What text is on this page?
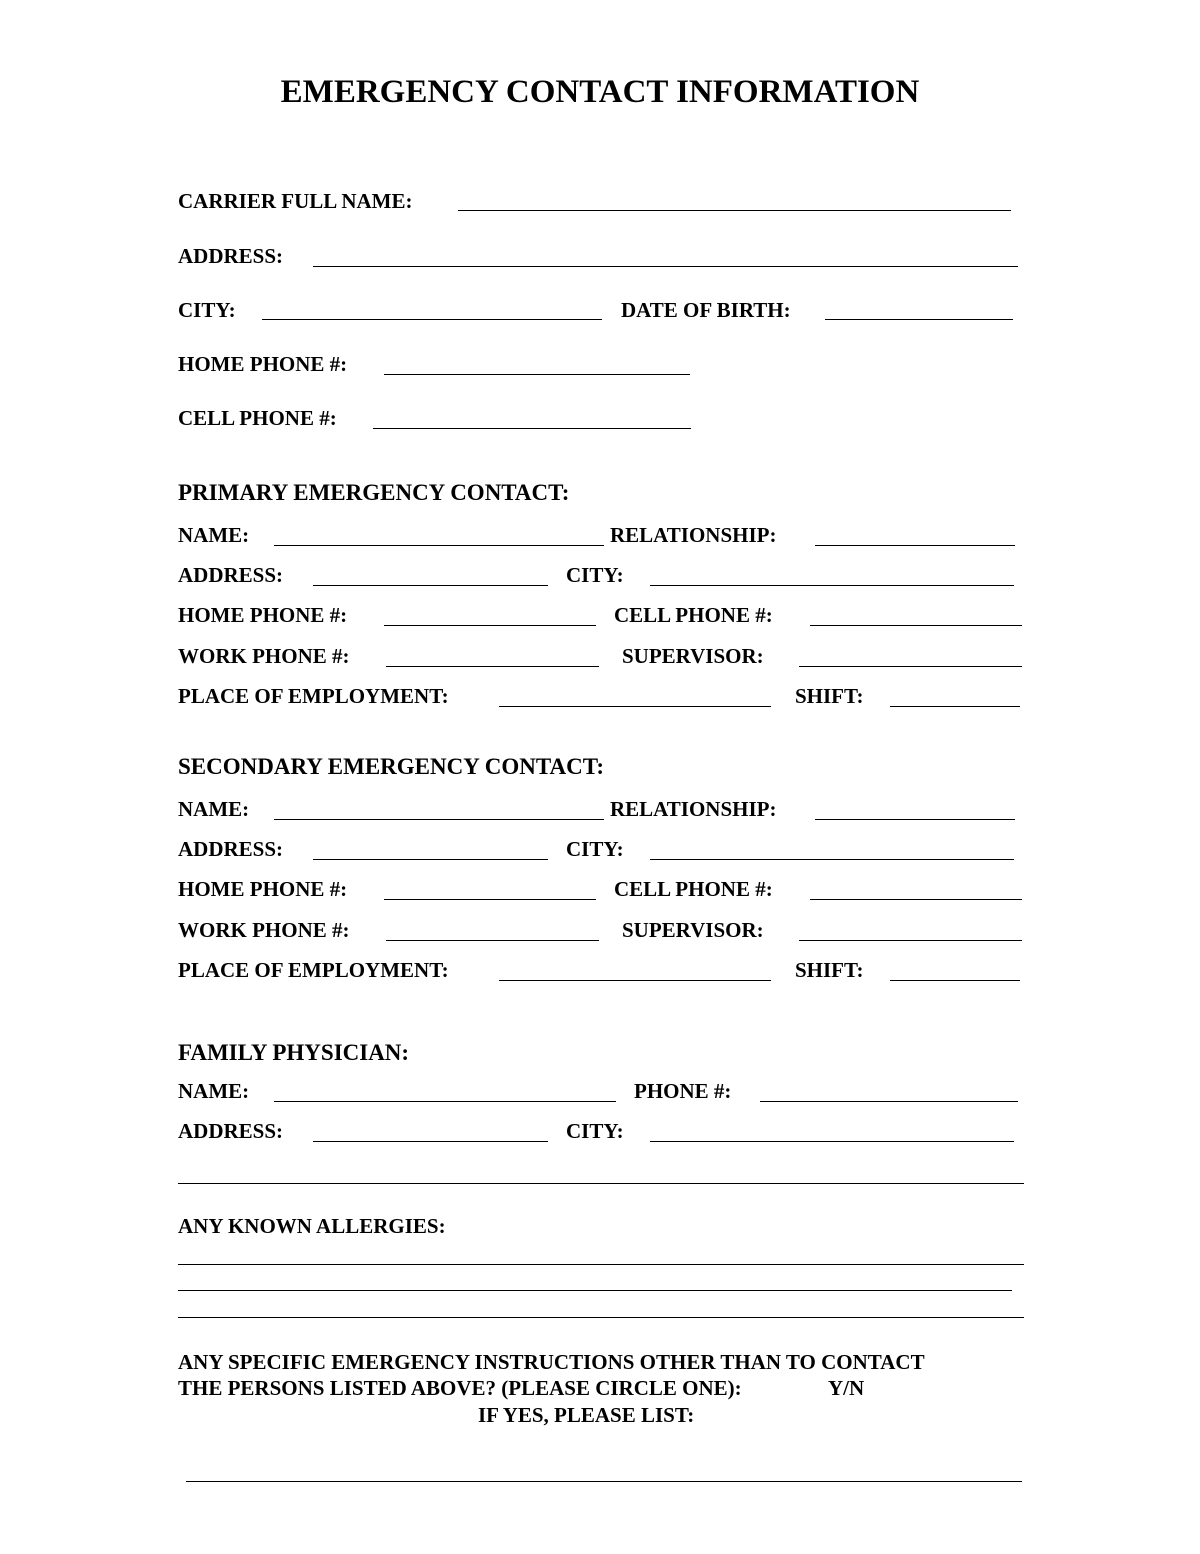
EMERGENCY CONTACT INFORMATION
CARRIER FULL NAME:
ADDRESS:
CITY:	DATE OF BIRTH:
HOME PHONE #:
CELL PHONE #:
PRIMARY EMERGENCY CONTACT:
NAME:	RELATIONSHIP:
ADDRESS:	CITY:
HOME PHONE #:	CELL PHONE #:
WORK PHONE #:	SUPERVISOR:
PLACE OF EMPLOYMENT:	SHIFT:
SECONDARY EMERGENCY CONTACT:
NAME:	RELATIONSHIP:
ADDRESS:	CITY:
HOME PHONE #:	CELL PHONE #:
WORK PHONE #:	SUPERVISOR:
PLACE OF EMPLOYMENT:	SHIFT:
FAMILY PHYSICIAN:
NAME:	PHONE #:
ADDRESS:	CITY:
ANY KNOWN ALLERGIES:
ANY SPECIFIC EMERGENCY INSTRUCTIONS OTHER THAN TO CONTACT
THE PERSONS LISTED ABOVE? (PLEASE CIRCLE ONE):	Y/N
IF YES, PLEASE LIST:
